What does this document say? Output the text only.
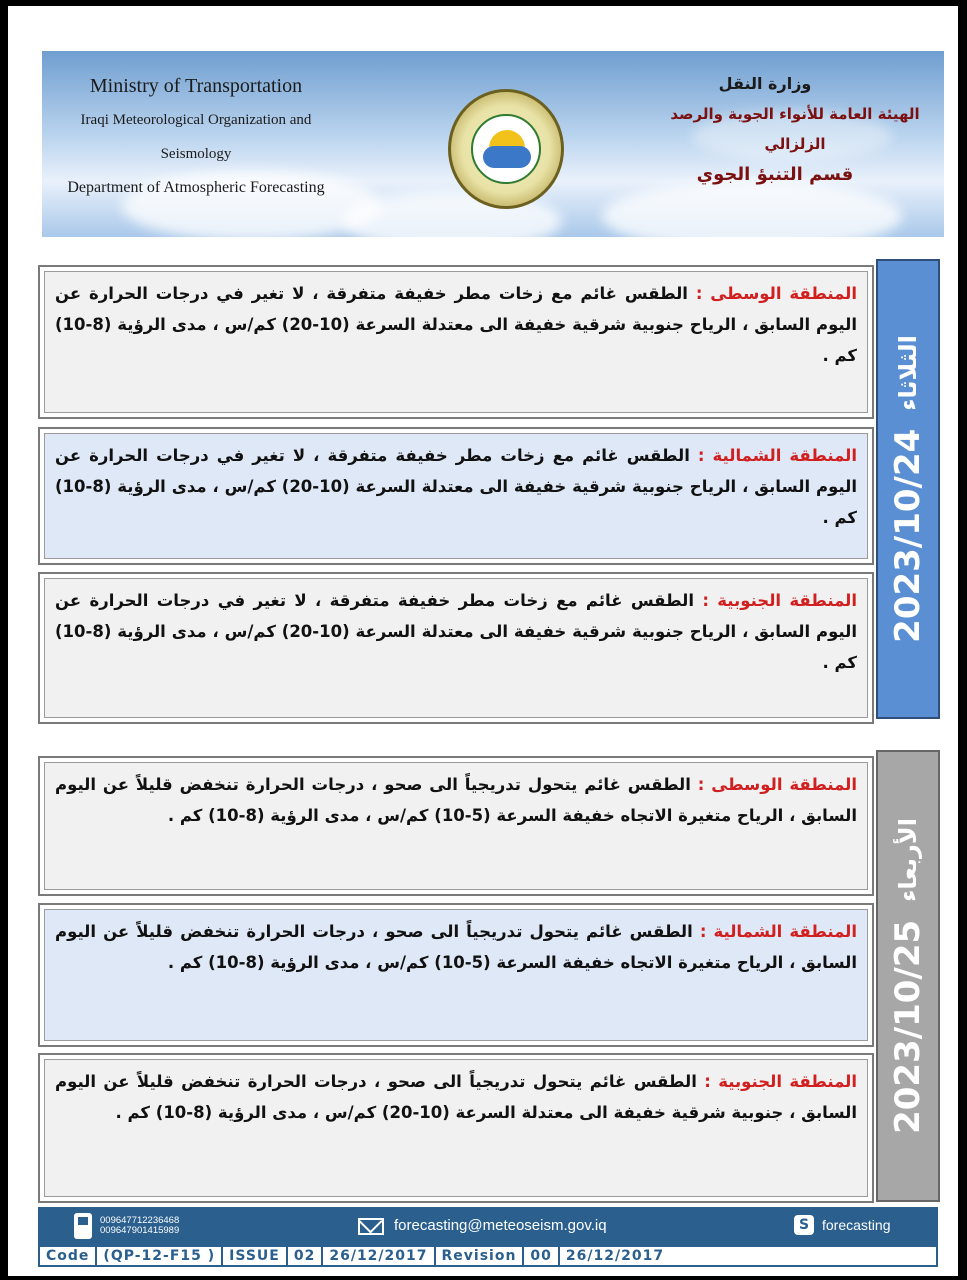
Ministry of Transportation
Iraqi Meteorological Organization and Seismology
Department of Atmospheric Forecasting
وزارة النقل
الهيئة العامة للأنواء الجوية والرصد الزلزالي
قسم التنبؤ الجوي
2023/10/24
الثلاثاء
المنطقة الوسطى : الطقس غائم مع زخات مطر خفيفة متفرقة ، لا تغير في درجات الحرارة عن اليوم السابق ، الرياح جنوبية شرقية خفيفة الى معتدلة السرعة (10-20) كم/س ، مدى الرؤية (8-10) كم .
المنطقة الشمالية : الطقس غائم مع زخات مطر خفيفة متفرقة ، لا تغير في درجات الحرارة عن اليوم السابق ، الرياح جنوبية شرقية خفيفة الى معتدلة السرعة (10-20) كم/س ، مدى الرؤية (8-10) كم .
المنطقة الجنوبية : الطقس غائم مع زخات مطر خفيفة متفرقة ، لا تغير في درجات الحرارة عن اليوم السابق ، الرياح جنوبية شرقية خفيفة الى معتدلة السرعة (10-20) كم/س ، مدى الرؤية (8-10) كم .
2023/10/25
الأربعاء
المنطقة الوسطى : الطقس غائم يتحول تدريجياً الى صحو ، درجات الحرارة تنخفض قليلاً عن اليوم السابق ، الرياح متغيرة الاتجاه خفيفة السرعة (5-10) كم/س ، مدى الرؤية (8-10) كم .
المنطقة الشمالية : الطقس غائم يتحول تدريجياً الى صحو ، درجات الحرارة تنخفض قليلاً عن اليوم السابق ، الرياح متغيرة الاتجاه خفيفة السرعة (5-10) كم/س ، مدى الرؤية (8-10) كم .
المنطقة الجنوبية : الطقس غائم يتحول تدريجياً الى صحو ، درجات الحرارة تنخفض قليلاً عن اليوم السابق ، جنوبية شرقية خفيفة الى معتدلة السرعة (10-20) كم/س ، مدى الرؤية (8-10) كم .
009647712236468
009647901415989	forecasting@meteoseism.gov.iq	S forecasting
Code	(QP-12-F15 )	ISSUE	02	26/12/2017	Revision	00	26/12/2017
